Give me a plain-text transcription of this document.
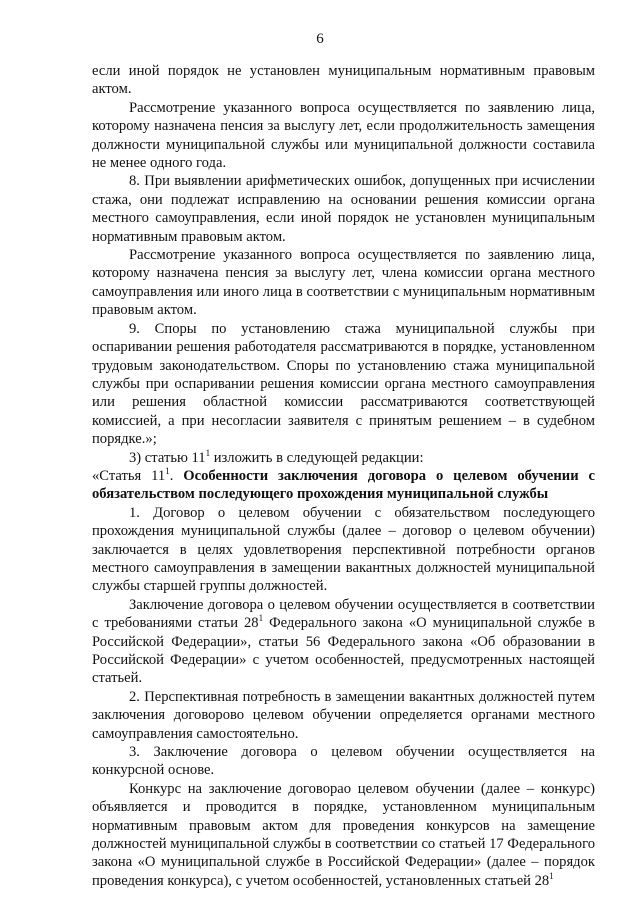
6

если иной порядок не установлен муниципальным нормативным правовым актом.

Рассмотрение указанного вопроса осуществляется по заявлению лица, которому назначена пенсия за выслугу лет, если продолжительность замещения должности муниципальной службы или муниципальной должности составила не менее одного года.

8. При выявлении арифметических ошибок, допущенных при исчислении стажа, они подлежат исправлению на основании решения комиссии органа местного самоуправления, если иной порядок не установлен муниципальным нормативным правовым актом.

Рассмотрение указанного вопроса осуществляется по заявлению лица, которому назначена пенсия за выслугу лет, члена комиссии органа местного самоуправления или иного лица в соответствии с муниципальным нормативным правовым актом.

9. Споры по установлению стажа муниципальной службы при оспаривании решения работодателя рассматриваются в порядке, установленном трудовым законодательством. Споры по установлению стажа муниципальной службы при оспаривании решения комиссии органа местного самоуправления или решения областной комиссии рассматриваются соответствующей комиссией, а при несогласии заявителя с принятым решением – в судебном порядке.»;

3) статью $11^1$ изложить в следующей редакции:

«Статья $11^1$. Особенности заключения договора о целевом обучении с обязательством последующего прохождения муниципальной службы

1. Договор о целевом обучении с обязательством последующего прохождения муниципальной службы (далее – договор о целевом обучении) заключается в целях удовлетворения перспективной потребности органов местного самоуправления в замещении вакантных должностей муниципальной службы старшей группы должностей.

Заключение договора о целевом обучении осуществляется в соответствии с требованиями статьи $28^1$ Федерального закона «О муниципальной службе в Российской Федерации», статьи 56 Федерального закона «Об образовании в Российской Федерации» с учетом особенностей, предусмотренных настоящей статьей.

2. Перспективная потребность в замещении вакантных должностей путем заключения договорово целевом обучении определяется органами местного самоуправления самостоятельно.

3. Заключение договора о целевом обучении осуществляется на конкурсной основе.

Конкурс на заключение договорао целевом обучении (далее – конкурс) объявляется и проводится в порядке, установленном муниципальным нормативным правовым актом для проведения конкурсов на замещение должностей муниципальной службы в соответствии со статьей 17 Федерального закона «О муниципальной службе в Российской Федерации» (далее – порядок проведения конкурса), с учетом особенностей, установленных статьей $28^1$
